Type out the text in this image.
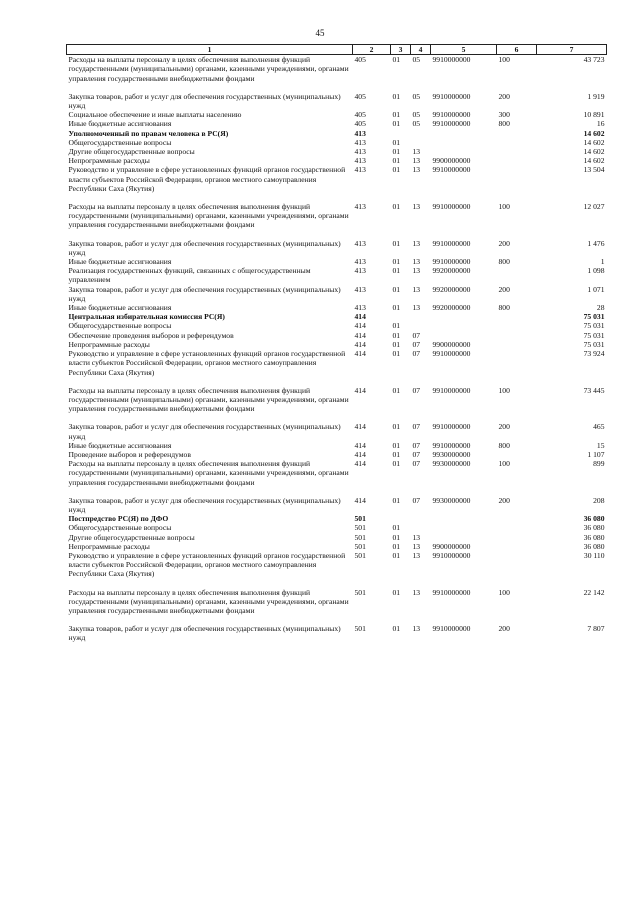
45
1	2	3	4	5	6	7
Расходы на выплаты персоналу в целях обеспечения выполнения функций государственными (муниципальными) органами, казенными учреждениями, органами управления государственными внебюджетными фондами	405	01	05	9910000000	100	43 723

Закупка товаров, работ и услуг для обеспечения государственных (муниципальных) нужд	405	01	05	9910000000	200	1 919
Социальное обеспечение и иные выплаты населению	405	01	05	9910000000	300	10 891
Иные бюджетные ассигнования	405	01	05	9910000000	800	16
Уполномоченный по правам человека в РС(Я)	413					14 602
Общегосударственные вопросы	413	01				14 602
Другие общегосударственные вопросы	413	01	13			14 602
Непрограммные расходы	413	01	13	9900000000		14 602
Руководство и управление в сфере установленных функций органов государственной власти субъектов Российской Федерации, органов местного самоуправления Республики Саха (Якутия)	413	01	13	9910000000		13 504

Расходы на выплаты персоналу в целях обеспечения выполнения функций государственными (муниципальными) органами, казенными учреждениями, органами управления государственными внебюджетными фондами	413	01	13	9910000000	100	12 027

Закупка товаров, работ и услуг для обеспечения государственных (муниципальных) нужд	413	01	13	9910000000	200	1 476
Иные бюджетные ассигнования	413	01	13	9910000000	800	1
Реализация государственных функций, связанных с общегосударственным управлением	413	01	13	9920000000		1 098
Закупка товаров, работ и услуг для обеспечения государственных (муниципальных) нужд	413	01	13	9920000000	200	1 071
Иные бюджетные ассигнования	413	01	13	9920000000	800	28
Центральная избирательная комиссия РС(Я)	414					75 031
Общегосударственные вопросы	414	01				75 031
Обеспечение проведения выборов и референдумов	414	01	07			75 031
Непрограммные расходы	414	01	07	9900000000		75 031
Руководство и управление в сфере установленных функций органов государственной власти субъектов Российской Федерации, органов местного самоуправления Республики Саха (Якутия)	414	01	07	9910000000		73 924

Расходы на выплаты персоналу в целях обеспечения выполнения функций государственными (муниципальными) органами, казенными учреждениями, органами управления государственными внебюджетными фондами	414	01	07	9910000000	100	73 445

Закупка товаров, работ и услуг для обеспечения государственных (муниципальных) нужд	414	01	07	9910000000	200	465
Иные бюджетные ассигнования	414	01	07	9910000000	800	15
Проведение выборов и референдумов	414	01	07	9930000000		1 107
Расходы на выплаты персоналу в целях обеспечения выполнения функций государственными (муниципальными) органами, казенными учреждениями, органами управления государственными внебюджетными фондами	414	01	07	9930000000	100	899

Закупка товаров, работ и услуг для обеспечения государственных (муниципальных) нужд	414	01	07	9930000000	200	208
Постпредство РС(Я) по ДФО	501					36 080
Общегосударственные вопросы	501	01				36 080
Другие общегосударственные вопросы	501	01	13			36 080
Непрограммные расходы	501	01	13	9900000000		36 080
Руководство и управление в сфере установленных функций органов государственной власти субъектов Российской Федерации, органов местного самоуправления Республики Саха (Якутия)	501	01	13	9910000000		30 110

Расходы на выплаты персоналу в целях обеспечения выполнения функций государственными (муниципальными) органами, казенными учреждениями, органами управления государственными внебюджетными фондами	501	01	13	9910000000	100	22 142

Закупка товаров, работ и услуг для обеспечения государственных (муниципальных) нужд	501	01	13	9910000000	200	7 807
